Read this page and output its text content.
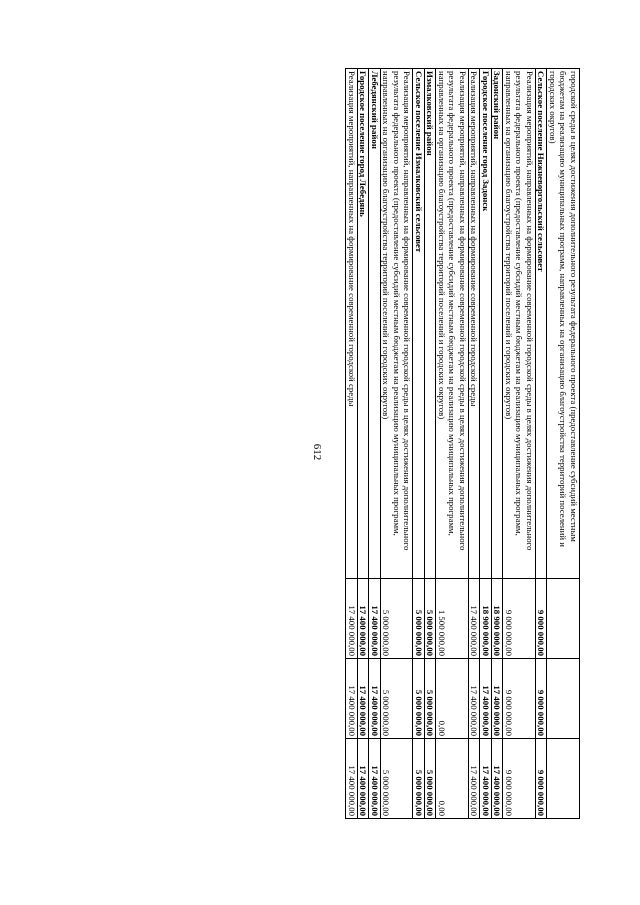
612	городской среды в целях достижения дополнительного результата федерального проекта (предоставление субсидий местным бюджетам на реализацию муниципальных программ, направленных на организацию благоустройства территорий поселений и городских округов)			
Сельское поселение Нижневоргольский сельсовет	9 000 000,00	9 000 000,00	9 000 000,00
Реализация мероприятий, направленных на формирование современной городской среды в целях достижения дополнительного результата федерального проекта (предоставление субсидий местным бюджетам на реализацию муниципальных программ, направленных на организацию благоустройства территорий поселений и городских округов)	9 000 000,00	9 000 000,00	9 000 000,00
Задонский район	18 900 000,00	17 400 000,00	17 400 000,00
Городское поселение город Задонск	18 900 000,00	17 400 000,00	17 400 000,00
Реализация мероприятий, направленных на формирование современной городской среды	17 400 000,00	17 400 000,00	17 400 000,00
Реализация мероприятий, направленных на формирование современной городской среды в целях достижения дополнительного результата федерального проекта (предоставление субсидий местным бюджетам на реализацию муниципальных программ, направленных на организацию благоустройства территорий поселений и городских округов)	1 500 000,00	0,00	0,00
Измалковский район	5 000 000,00	5 000 000,00	5 000 000,00
Сельское поселение Измалковский сельсовет	5 000 000,00	5 000 000,00	5 000 000,00
Реализация мероприятий, направленных на формирование современной городской среды в целях достижения дополнительного результата федерального проекта (предоставление субсидий местным бюджетам на реализацию муниципальных программ, направленных на организацию благоустройства территорий поселений и городских округов)	5 000 000,00	5 000 000,00	5 000 000,00
Лебедянский район	17 400 000,00	17 400 000,00	17 400 000,00
Городское поселение город Лебедянь	17 400 000,00	17 400 000,00	17 400 000,00
Реализация мероприятий, направленных на формирование современной городской среды	17 400 000,00	17 400 000,00	17 400 000,00
